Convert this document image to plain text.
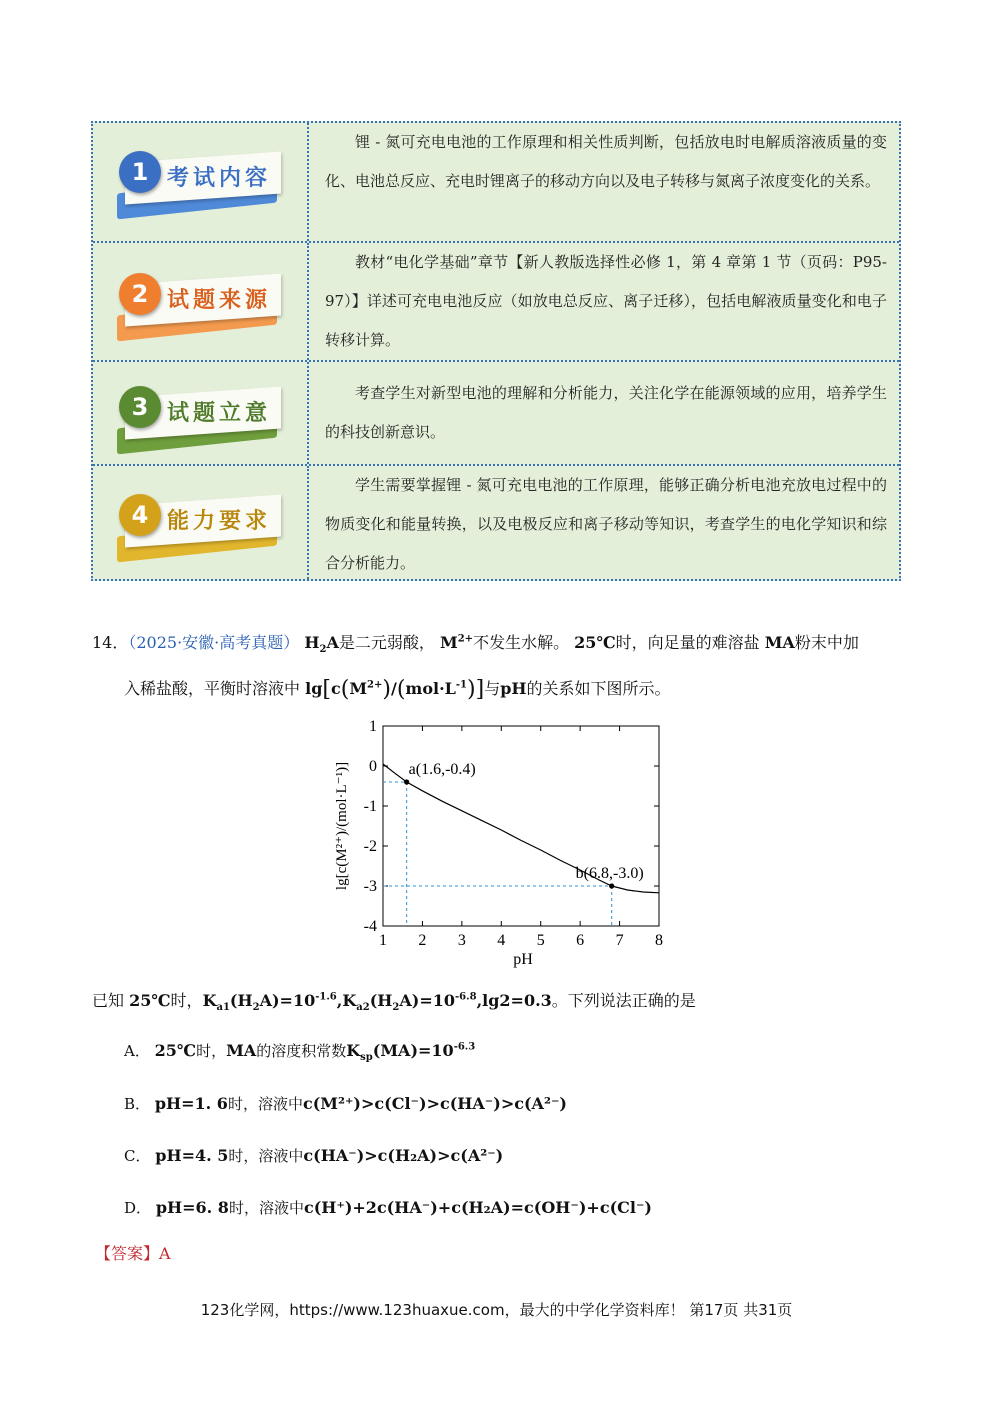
1 考试内容
锂 - 氮可充电电池的工作原理和相关性质判断，包括放电时电解质溶液质量的变化、电池总反应、充电时锂离子的移动方向以及电子转移与氮离子浓度变化的关系。
2 试题来源
教材“电化学基础”章节【新人教版选择性必修 1，第 4 章第 1 节（页码：P95-97）】详述可充电电池反应（如放电总反应、离子迁移），包括电解液质量变化和电子转移计算。
3 试题立意
考查学生对新型电池的理解和分析能力，关注化学在能源领域的应用，培养学生的科技创新意识。
4 能力要求
学生需要掌握锂 - 氮可充电电池的工作原理，能够正确分析电池充放电过程中的物质变化和能量转换，以及电极反应和离子移动等知识，考查学生的电化学知识和综合分析能力。
14．（2025·安徽·高考真题） $H_2A$是二元弱酸， $M^{2+}$不发生水解。 25℃时，向足量的难溶盐 MA粉末中加
入稀盐酸，平衡时溶液中 $\lg[c(M^{2+})/(mol\cdot L^{-1})]$与pH的关系如下图所示。
1 2 3 4 5 6 7 8
1
0
-1
-2
-3
-4
pH
lg[c(M²⁺)/(mol·L⁻¹)]	a(1.6,-0.4)
b(6.8,-3.0)
已知 25℃时，$K_{a1}(H_2A)=10^{-1.6},K_{a2}(H_2A)=10^{-6.8},\lg 2=0.3$。下列说法正确的是
A． 25℃时，MA的溶度积常数$K_{sp}(MA)=10^{-6.3}$
B． pH=1. 6时，溶液中c(M²⁺)>c(Cl⁻)>c(HA⁻)>c(A²⁻)
C． pH=4. 5时，溶液中c(HA⁻)>c(H₂A)>c(A²⁻)
D． pH=6. 8时，溶液中c(H⁺)+2c(HA⁻)+c(H₂A)=c(OH⁻)+c(Cl⁻)
【答案】A
123化学网，https://www.123huaxue.com，最大的中学化学资料库！ 第17页 共31页
